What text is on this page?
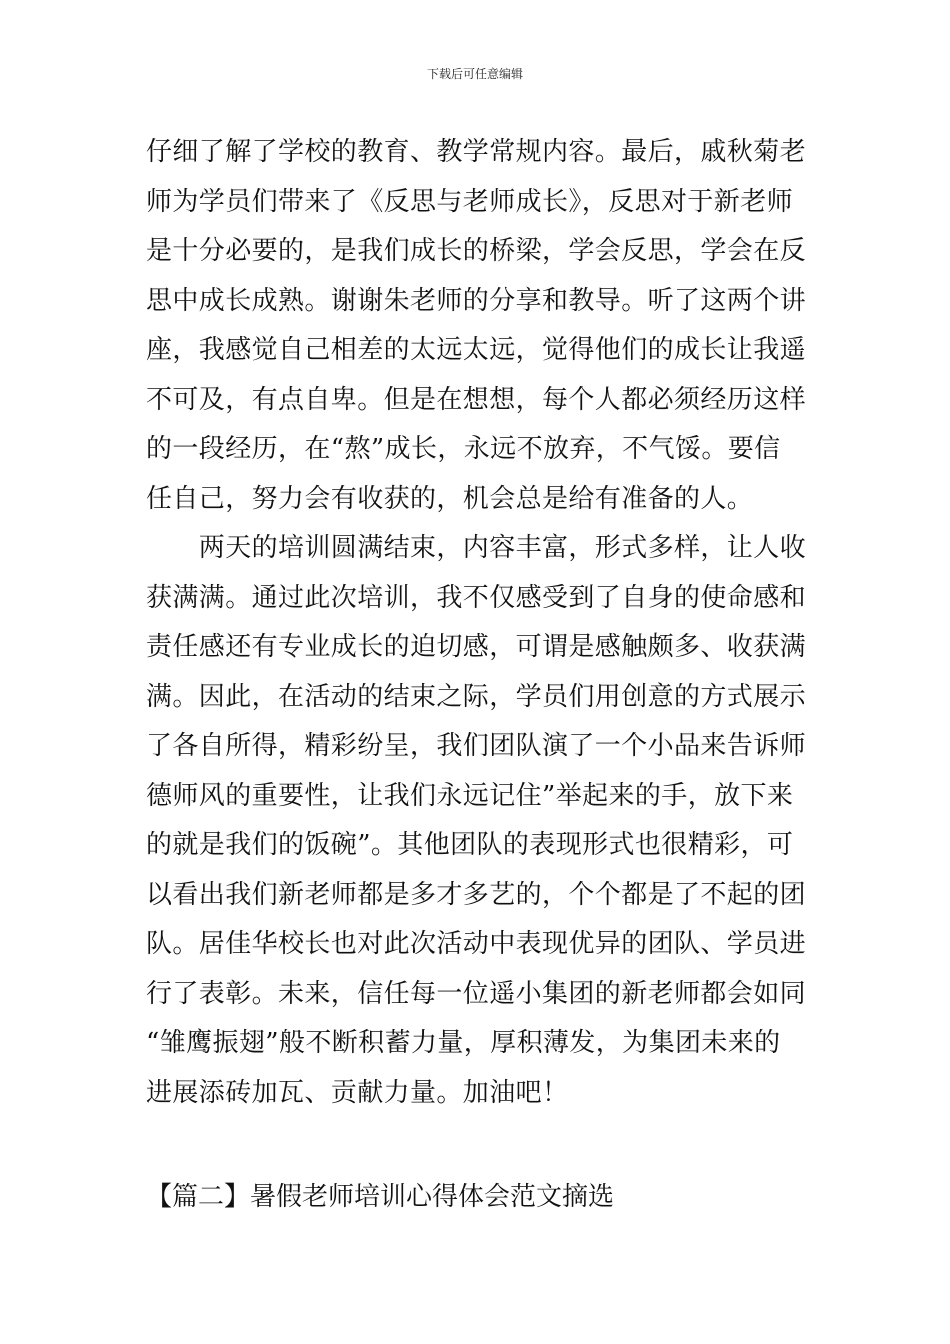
下载后可任意编辑
仔细了解了学校的教育、教学常规内容。最后，戚秋菊老
师为学员们带来了《反思与老师成长》，反思对于新老师
是十分必要的，是我们成长的桥梁，学会反思，学会在反
思中成长成熟。谢谢朱老师的分享和教导。听了这两个讲
座，我感觉自己相差的太远太远，觉得他们的成长让我遥
不可及，有点自卑。但是在想想，每个人都必须经历这样
的一段经历，在“熬”成长，永远不放弃，不气馁。要信
任自己，努力会有收获的，机会总是给有准备的人。
　　两天的培训圆满结束，内容丰富，形式多样，让人收
获满满。通过此次培训，我不仅感受到了自身的使命感和
责任感还有专业成长的迫切感，可谓是感触颇多、收获满
满。因此，在活动的结束之际，学员们用创意的方式展示
了各自所得，精彩纷呈，我们团队演了一个小品来告诉师
德师风的重要性，让我们永远记住”举起来的手，放下来
的就是我们的饭碗”。其他团队的表现形式也很精彩，可
以看出我们新老师都是多才多艺的，个个都是了不起的团
队。居佳华校长也对此次活动中表现优异的团队、学员进
行了表彰。未来，信任每一位遥小集团的新老师都会如同
“雏鹰振翅”般不断积蓄力量，厚积薄发，为集团未来的
进展添砖加瓦、贡献力量。加油吧！
【篇二】暑假老师培训心得体会范文摘选
